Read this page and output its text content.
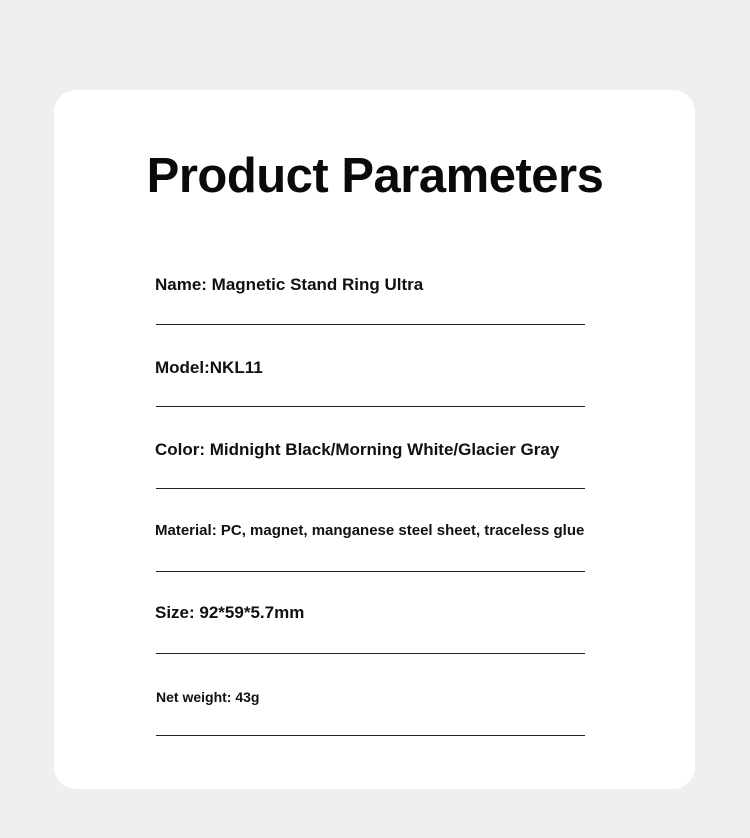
Product Parameters
Name: Magnetic Stand Ring Ultra
Model:NKL11
Color: Midnight Black/Morning White/Glacier Gray
Material: PC, magnet, manganese steel sheet, traceless glue
Size: 92*59*5.7mm
Net weight: 43g
